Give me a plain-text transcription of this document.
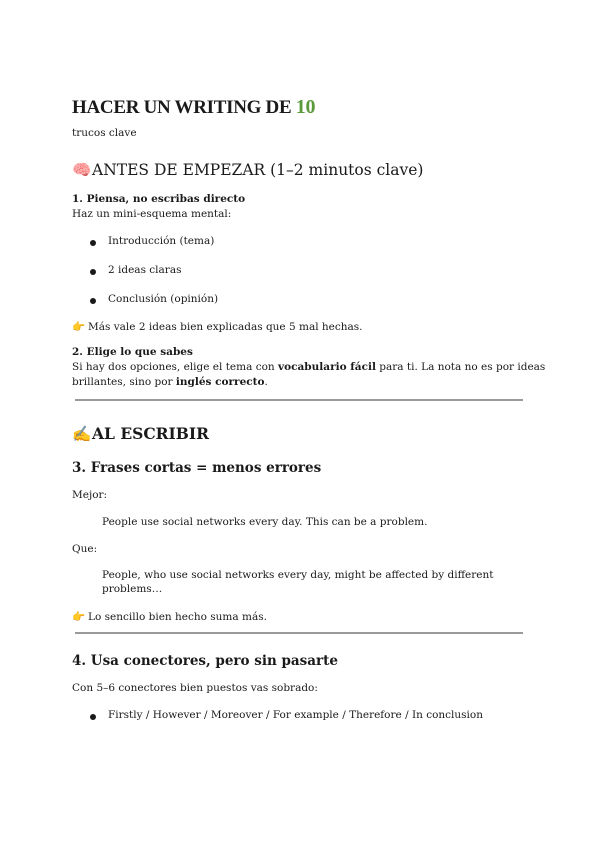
HACER UN WRITING DE 10
trucos clave
🧠ANTES DE EMPEZAR (1–2 minutos clave)
1. Piensa, no escribas directo
Haz un mini-esquema mental:
Introducción (tema)
2 ideas claras
Conclusión (opinión)
👉 Más vale 2 ideas bien explicadas que 5 mal hechas.
2. Elige lo que sabes
Si hay dos opciones, elige el tema con vocabulario fácil para ti. La nota no es por ideas
brillantes, sino por inglés correcto.
✍️AL ESCRIBIR
3. Frases cortas = menos errores
Mejor:
People use social networks every day. This can be a problem.
Que:
People, who use social networks every day, might be affected by different
problems…
👉 Lo sencillo bien hecho suma más.
4. Usa conectores, pero sin pasarte
Con 5–6 conectores bien puestos vas sobrado:
Firstly / However / Moreover / For example / Therefore / In conclusion
